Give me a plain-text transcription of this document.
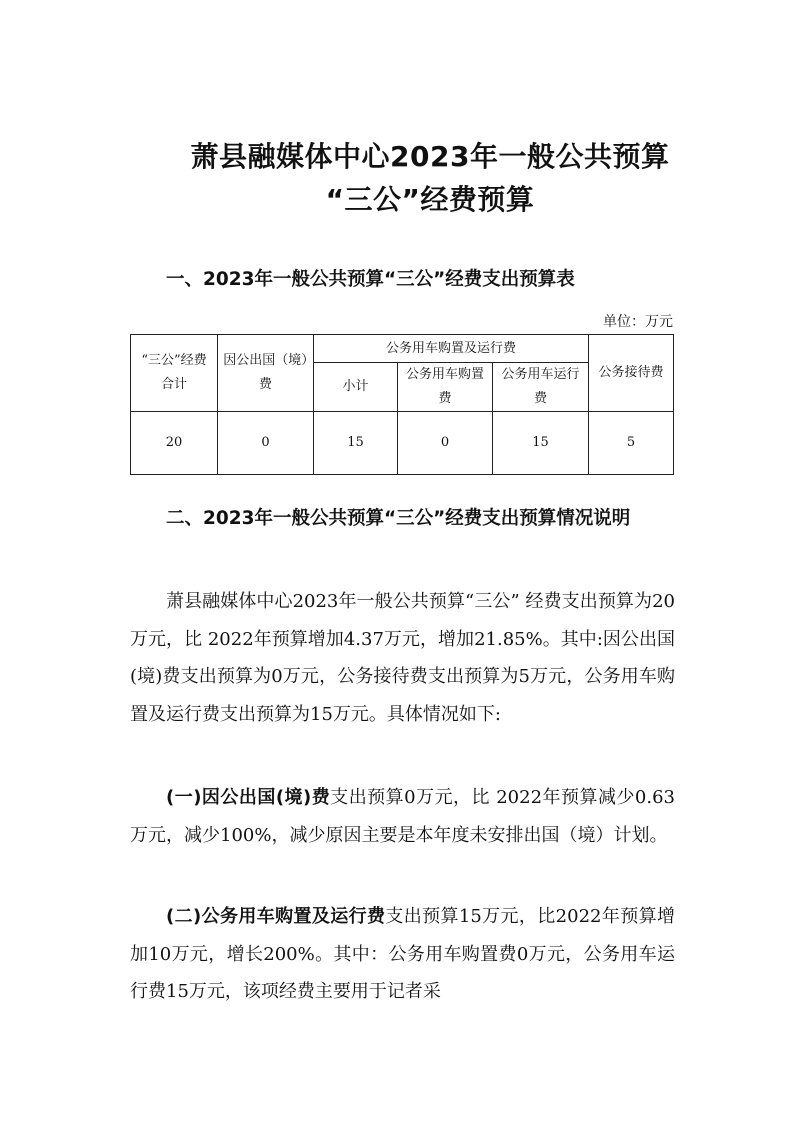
萧县融媒体中心2023年一般公共预算
“三公”经费预算
一、2023年一般公共预算“三公”经费支出预算表
单位：万元
“三公”经费合计	因公出国（境）费	公务用车购置及运行费			公务接待费
		小计	公务用车购置费	公务用车运行费	
20	0	15	0	15	5
二、2023年一般公共预算“三公”经费支出预算情况说明

萧县融媒体中心2023年一般公共预算“三公” 经费支出预算为20万元，比 2022年预算增加4.37万元，增加21.85%。其中:因公出国(境)费支出预算为0万元，公务接待费支出预算为5万元，公务用车购置及运行费支出预算为15万元。具体情况如下:

(一)因公出国(境)费支出预算0万元，比 2022年预算减少0.63万元，减少100%，减少原因主要是本年度未安排出国（境）计划。

(二)公务用车购置及运行费支出预算15万元，比2022年预算增加10万元，增长200%。其中：公务用车购置费0万元，公务用车运行费15万元，该项经费主要用于记者采
